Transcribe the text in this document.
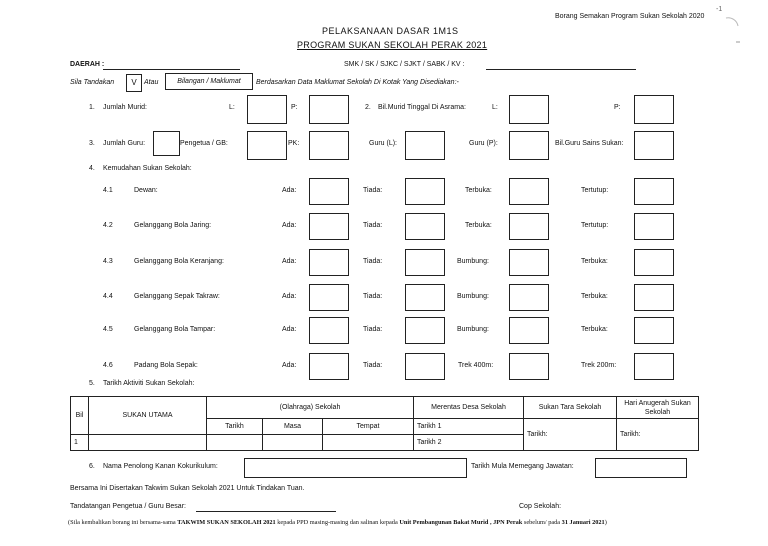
Borang Semakan Program Sukan Sekolah 2020
-1
PELAKSANAAN DASAR 1M1S
PROGRAM SUKAN SEKOLAH PERAK 2021
DAERAH :	SMK / SK / SJKC / SJKT / SABK / KV :
Sila Tandakan	V	Atau	Bilangan / Maklumat	Berdasarkan Data Maklumat Sekolah Di Kotak Yang Disediakan:-
1. Jumlah Murid:	L:	P:	2. Bil.Murid Tinggal Di Asrama:	L:	P:
3. Jumlah Guru:	Pengetua / GB:	PK:	Guru (L):	Guru (P):	Bil.Guru Sains Sukan:
4. Kemudahan Sukan Sekolah:
4.1	Dewan:	Ada:	Tiada:	Terbuka:	Tertutup:
4.2	Gelanggang Bola Jaring:	Ada:	Tiada:	Terbuka:	Tertutup:
4.3	Gelanggang Bola Keranjang:	Ada:	Tiada:	Bumbung:	Terbuka:
4.4	Gelanggang Sepak Takraw:	Ada:	Tiada:	Bumbung:	Terbuka:
4.5	Gelanggang Bola Tampar:	Ada:	Tiada:	Bumbung:	Terbuka:
4.6	Padang Bola Sepak:	Ada:	Tiada:	Trek 400m:	Trek 200m:
5. Tarikh Aktiviti Sukan Sekolah:
Bil	SUKAN UTAMA	(Olahraga) Sekolah			Merentas Desa Sekolah	Sukan Tara Sekolah	Hari Anugerah Sukan Sekolah
		Tarikh	Masa	Tempat	Tarikh 1	Tarikh:	Tarikh:
1					Tarikh 2		
6. Nama Penolong Kanan Kokurikulum:	Tarikh Mula Memegang Jawatan:
Bersama Ini Disertakan Takwim Sukan Sekolah 2021 Untuk Tindakan Tuan.
Tandatangan Pengetua / Guru Besar:	Cop Sekolah:
(Sila kembalikan borang ini bersama-sama TAKWIM SUKAN SEKOLAH 2021 kepada PPD masing-masing dan salinan kepada Unit Pembangunan Bakat Murid , JPN Perak sebelum/ pada 31 Januari 2021)
